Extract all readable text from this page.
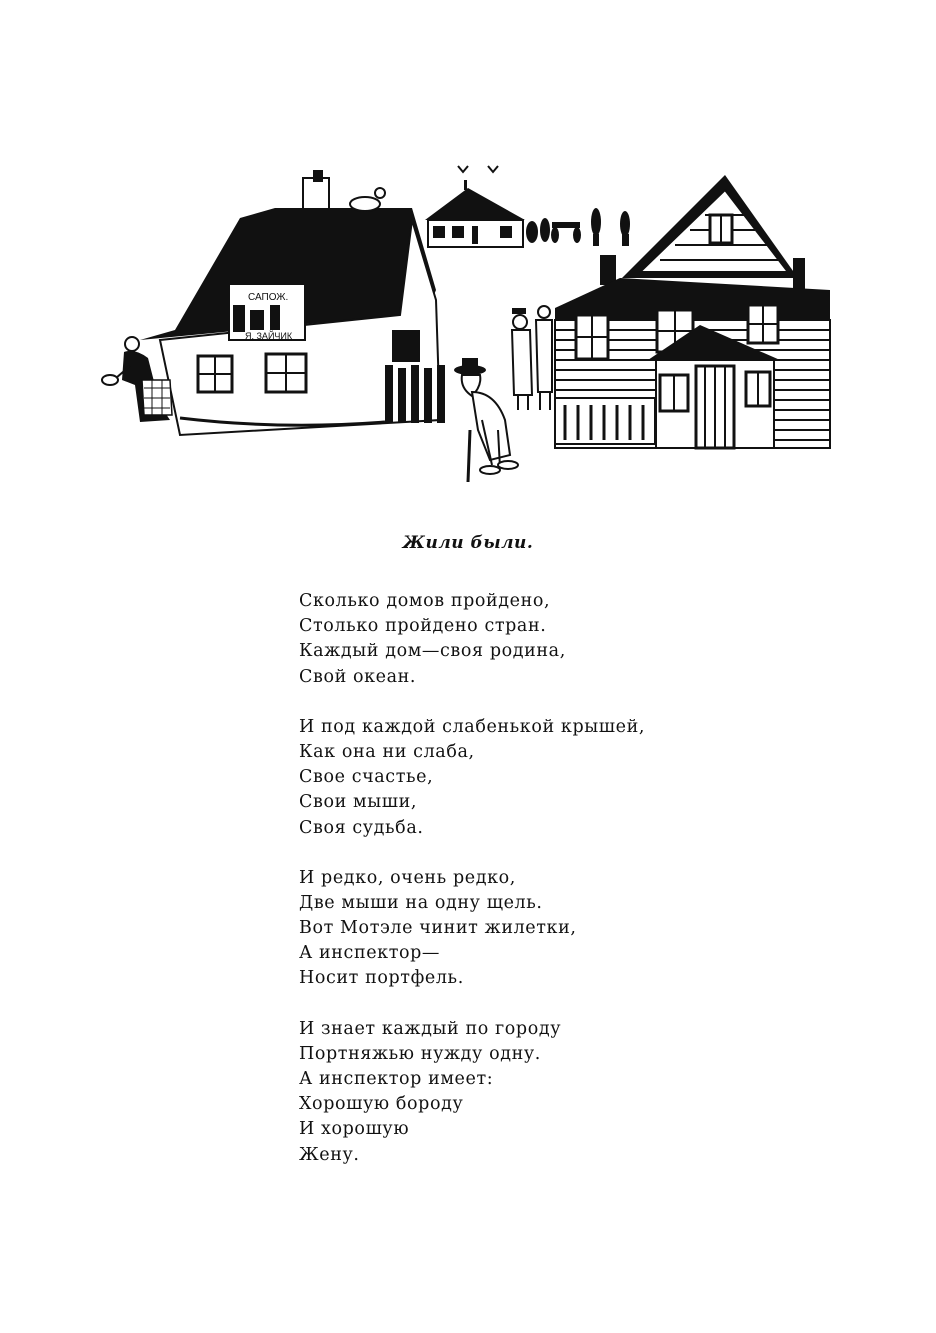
САПОЖ.
Я. ЗАЙЧИК
Жили были.
Сколько домов пройдено,
Столько пройдено стран.
Каждый дом—своя родина,
Свой океан.
И под каждой слабенькой крышей,
Как она ни слаба,
Свое счастье,
Свои мыши,
Своя судьба.
И редко, очень редко,
Две мыши на одну щель.
Вот Мотэле чинит жилетки,
А инспектор—
Носит портфель.
И знает каждый по городу
Портняжью нужду одну.
А инспектор имеет:
Хорошую бороду
И хорошую
Жену.
